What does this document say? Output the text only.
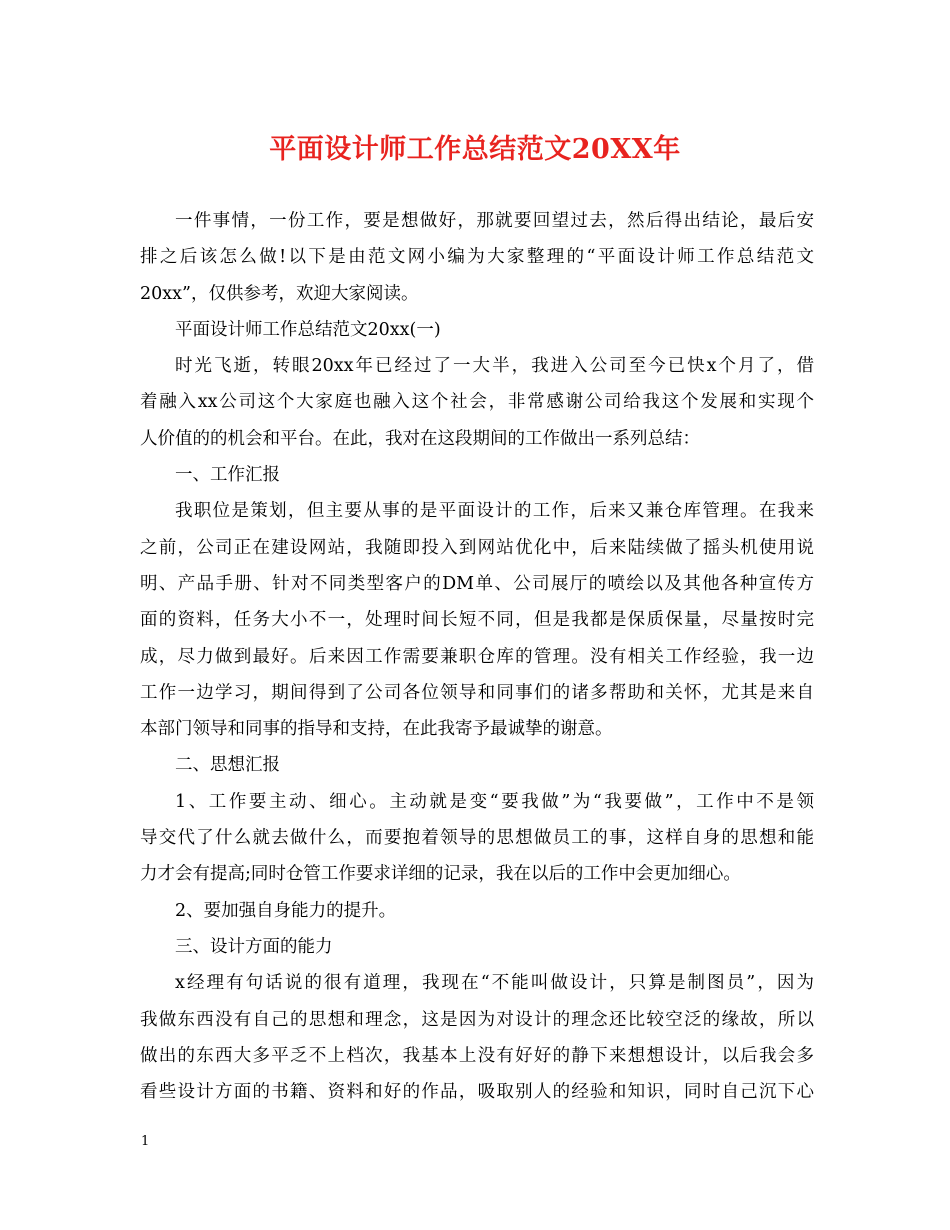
平面设计师工作总结范文20XX年
一件事情，一份工作，要是想做好，那就要回望过去，然后得出结论，最后安
排之后该怎么做!以下是由范文网小编为大家整理的“平面设计师工作总结范文
20xx”，仅供参考，欢迎大家阅读。
平面设计师工作总结范文20xx(一)
时光飞逝，转眼20xx年已经过了一大半，我进入公司至今已快x个月了，借
着融入xx公司这个大家庭也融入这个社会，非常感谢公司给我这个发展和实现个
人价值的的机会和平台。在此，我对在这段期间的工作做出一系列总结：
一、工作汇报
我职位是策划，但主要从事的是平面设计的工作，后来又兼仓库管理。在我来
之前，公司正在建设网站，我随即投入到网站优化中，后来陆续做了摇头机使用说
明、产品手册、针对不同类型客户的DM单、公司展厅的喷绘以及其他各种宣传方
面的资料，任务大小不一，处理时间长短不同，但是我都是保质保量，尽量按时完
成，尽力做到最好。后来因工作需要兼职仓库的管理。没有相关工作经验，我一边
工作一边学习，期间得到了公司各位领导和同事们的诸多帮助和关怀，尤其是来自
本部门领导和同事的指导和支持，在此我寄予最诚挚的谢意。
二、思想汇报
1、工作要主动、细心。主动就是变“要我做”为“我要做”，工作中不是领
导交代了什么就去做什么，而要抱着领导的思想做员工的事，这样自身的思想和能
力才会有提高;同时仓管工作要求详细的记录，我在以后的工作中会更加细心。
2、要加强自身能力的提升。
三、设计方面的能力
x经理有句话说的很有道理，我现在“不能叫做设计，只算是制图员”，因为
我做东西没有自己的思想和理念，这是因为对设计的理念还比较空泛的缘故，所以
做出的东西大多平乏不上档次，我基本上没有好好的静下来想想设计，以后我会多
看些设计方面的书籍、资料和好的作品，吸取别人的经验和知识，同时自己沉下心
1
